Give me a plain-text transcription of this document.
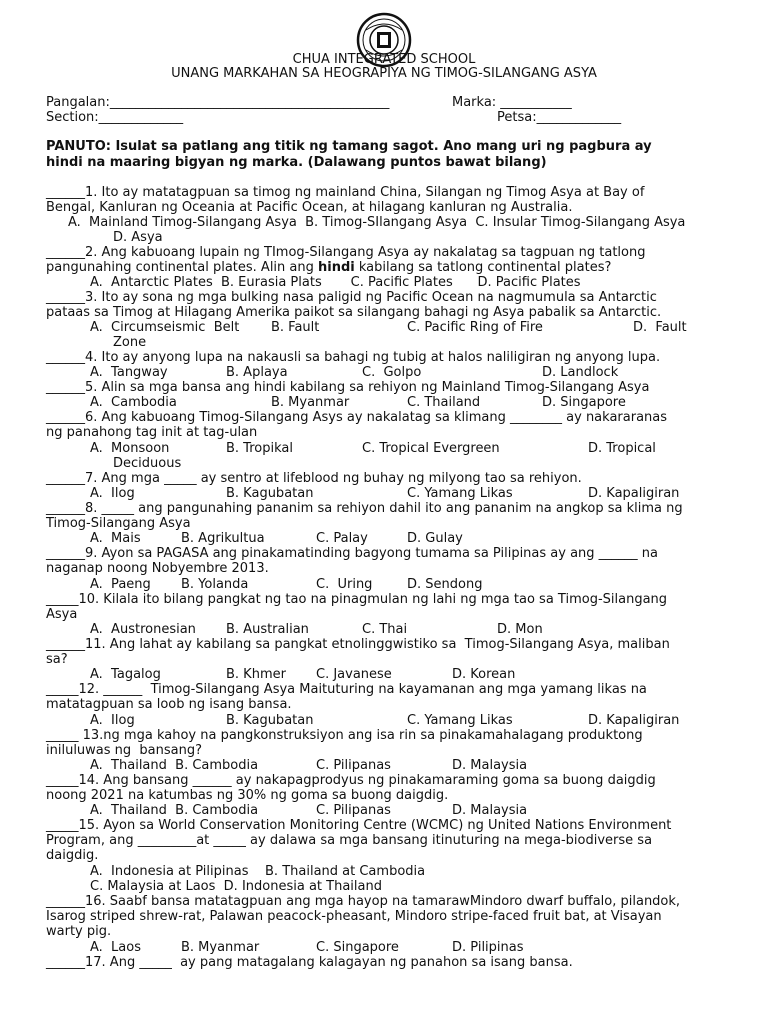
CHUA INTEGRATED SCHOOL
UNANG MARKAHAN SA HEOGRAPIYA NG TIMOG-SILANGANG ASYA
Pangalan:___________________________________________	Marka: ___________
Section:_____________	Petsa:_____________
PANUTO: Isulat sa patlang ang titik ng tamang sagot. Ano mang uri ng pagbura ay
hindi na maaring bigyan ng marka. (Dalawang puntos bawat bilang)
______1. Ito ay matatagpuan sa timog ng mainland China, Silangan ng Timog Asya at Bay of
Bengal, Kanluran ng Oceania at Pacific Ocean, at hilagang kanluran ng Australia.
A.  Mainland Timog-Silangang Asya  B. Timog-SIlangang Asya  C. Insular Timog-Silangang Asya
D. Asya
______2. Ang kabuoang lupain ng TImog-Silangang Asya ay nakalatag sa tagpuan ng tatlong
pangunahing continental plates. Alin ang hindi kabilang sa tatlong continental plates?
A.  Antarctic Plates  B. Eurasia Plats       C. Pacific Plates      D. Pacific Plates
______3. Ito ay sona ng mga bulking nasa paligid ng Pacific Ocean na nagmumula sa Antarctic
pataas sa Timog at Hilagang Amerika paikot sa silangang bahagi ng Asya pabalik sa Antarctic.
A.  Circumseismic  Belt B. Fault	C. Pacific Ring of Fire	D.  Fault
Zone
______4. Ito ay anyong lupa na nakausli sa bahagi ng tubig at halos naliligiran ng anyong lupa.
A.  Tangway	B. Aplaya	C.  Golpo	D. Landlock
______5. Alin sa mga bansa ang hindi kabilang sa rehiyon ng Mainland Timog-Silangang Asya
A.  Cambodia	B. Myanmar	C. Thailand	D. Singapore
______6. Ang kabuoang Timog-Silangang Asys ay nakalatag sa klimang ________ ay nakararanas
ng panahong tag init at tag-ulan
A.  Monsoon	B. Tropikal	C. Tropical Evergreen	D. Tropical
Deciduous
______7. Ang mga _____ ay sentro at lifeblood ng buhay ng milyong tao sa rehiyon.
A.  Ilog	B. Kagubatan	C. Yamang Likas	D. Kapaligiran
______8. _____ ang pangunahing pananim sa rehiyon dahil ito ang pananim na angkop sa klima ng
Timog-Silangang Asya
A.  Mais	B. Agrikultua	C. Palay	D. Gulay
______9. Ayon sa PAGASA ang pinakamatinding bagyong tumama sa Pilipinas ay ang ______ na
naganap noong Nobyembre 2013.
A.  Paeng B. Yolanda	C.  Uring	D. Sendong
_____10. Kilala ito bilang pangkat ng tao na pinagmulan ng lahi ng mga tao sa Timog-Silangang
Asya
A.  Austronesian B. Australian	C. Thai	D. Mon
______11. Ang lahat ay kabilang sa pangkat etnolinggwistiko sa  Timog-Silangang Asya, maliban
sa?
A.  Tagalog	B. Khmer C. Javanese	D. Korean
_____12. ______  Timog-Silangang Asya Maituturing na kayamanan ang mga yamang likas na
matatagpuan sa loob ng isang bansa.
A.  Ilog	B. Kagubatan	C. Yamang Likas	D. Kapaligiran
_____ 13.ng mga kahoy na pangkonstruksiyon ang isa rin sa pinakamahalagang produktong
iniluluwas ng  bansang?
A.  Thailand  B. Cambodia	C. Pilipanas	D. Malaysia
_____14. Ang bansang ______ ay nakapagprodyus ng pinakamaraming goma sa buong daigdig
noong 2021 na katumbas ng 30% ng goma sa buong daigdig.
A.  Thailand  B. Cambodia	C. Pilipanas	D. Malaysia
_____15. Ayon sa World Conservation Monitoring Centre (WCMC) ng United Nations Environment
Program, ang _________at _____ ay dalawa sa mga bansang itinuturing na mega-biodiverse sa
daigdig.
A.  Indonesia at Pilipinas    B. Thailand at Cambodia
C. Malaysia at Laos  D. Indonesia at Thailand
______16. Saabf bansa matatagpuan ang mga hayop na tamarawMindoro dwarf buffalo, pilandok,
Isarog striped shrew-rat, Palawan peacock-pheasant, Mindoro stripe-faced fruit bat, at Visayan
warty pig.
A.  Laos	B. Myanmar	C. Singapore	D. Pilipinas
______17. Ang _____  ay pang matagalang kalagayan ng panahon sa isang bansa.
